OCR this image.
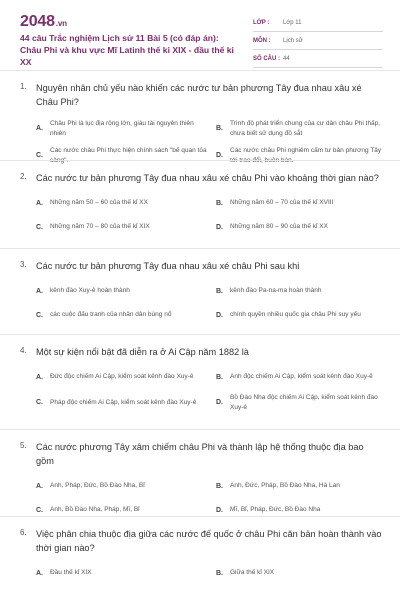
2048.vn
44 câu Trắc nghiệm Lịch sử 11 Bài 5 (có đáp án): Châu Phi và khu vực Mĩ Latinh thế kỉ XIX - đầu thế kỉ XX
LỚP :	Lớp 11
MÔN :	Lịch sử
SỐ CÂU : 44
1.	Nguyên nhân chủ yếu nào khiến các nước tư bản phương Tây đua nhau xâu xé Châu Phi?
A.
Châu Phi là lục địa rộng lớn, giàu tài nguyên thiên nhiên
B.
Trình độ phát triển chung của cư dân châu Phi thấp, chưa biết sử dụng đồ sắt
C.
Các nước châu Phi thực hiện chính sách "bế quan tỏa cảng".
D.
Các nước châu Phi nghiêm cấm tư bản phương Tây tới trao đổi, buôn bán.
2.	Các nước tư bản phương Tây đua nhau xâu xé châu Phi vào khoảng thời gian nào?
A.	Những năm 50 – 60 của thế kỉ XX	B.	Những năm 60 – 70 của thế kỉ XVIII
C.	Những năm 70 – 80 của thế kỉ XIX	D.	Những năm 80 – 90 của thế kỉ XX
3.	Các nước tư bản phương Tây đua nhau xâu xé châu Phi sau khi
A.	kênh đào Xuy-ê hoàn thành	B.	kênh đào Pa-na-ma hoàn thành
C.	các cuộc đấu tranh của nhân dân bùng nổ	D.	chính quyền nhiều quốc gia châu Phi suy yếu
4.	Một sự kiện nổi bật đã diễn ra ở Ai Cập năm 1882 là
A.	Đức độc chiếm Ai Cập, kiểm soát kênh đào Xuy-ê	B.	Anh độc chiếm Ai Cập, kiểm soát kênh đào Xuy-ê
C.	Pháp độc chiếm Ai Cập, kiểm soát kênh đào Xuy-ê	D.
Bồ Đào Nha độc chiếm Ai Cập, kiểm soát kênh đào Xuy-ê
5.	Các nước phương Tây xâm chiếm châu Phi và thành lập hệ thống thuộc địa bao gồm
A.	Anh, Pháp, Đức, Bồ Đào Nha, Bỉ	B.	Anh, Đức, Pháp, Bồ Đào Nha, Hà Lan
C.	Anh, Bồ Đào Nha, Pháp, Mĩ, Bỉ	D.	Mĩ, Bỉ, Pháp, Đức, Bồ Đào Nha
6.	Việc phân chia thuộc địa giữa các nước đế quốc ở châu Phi căn bản hoàn thành vào thời gian nào?
A.	Đầu thế kỉ XIX	B.	Giữa thế kỉ XIX
